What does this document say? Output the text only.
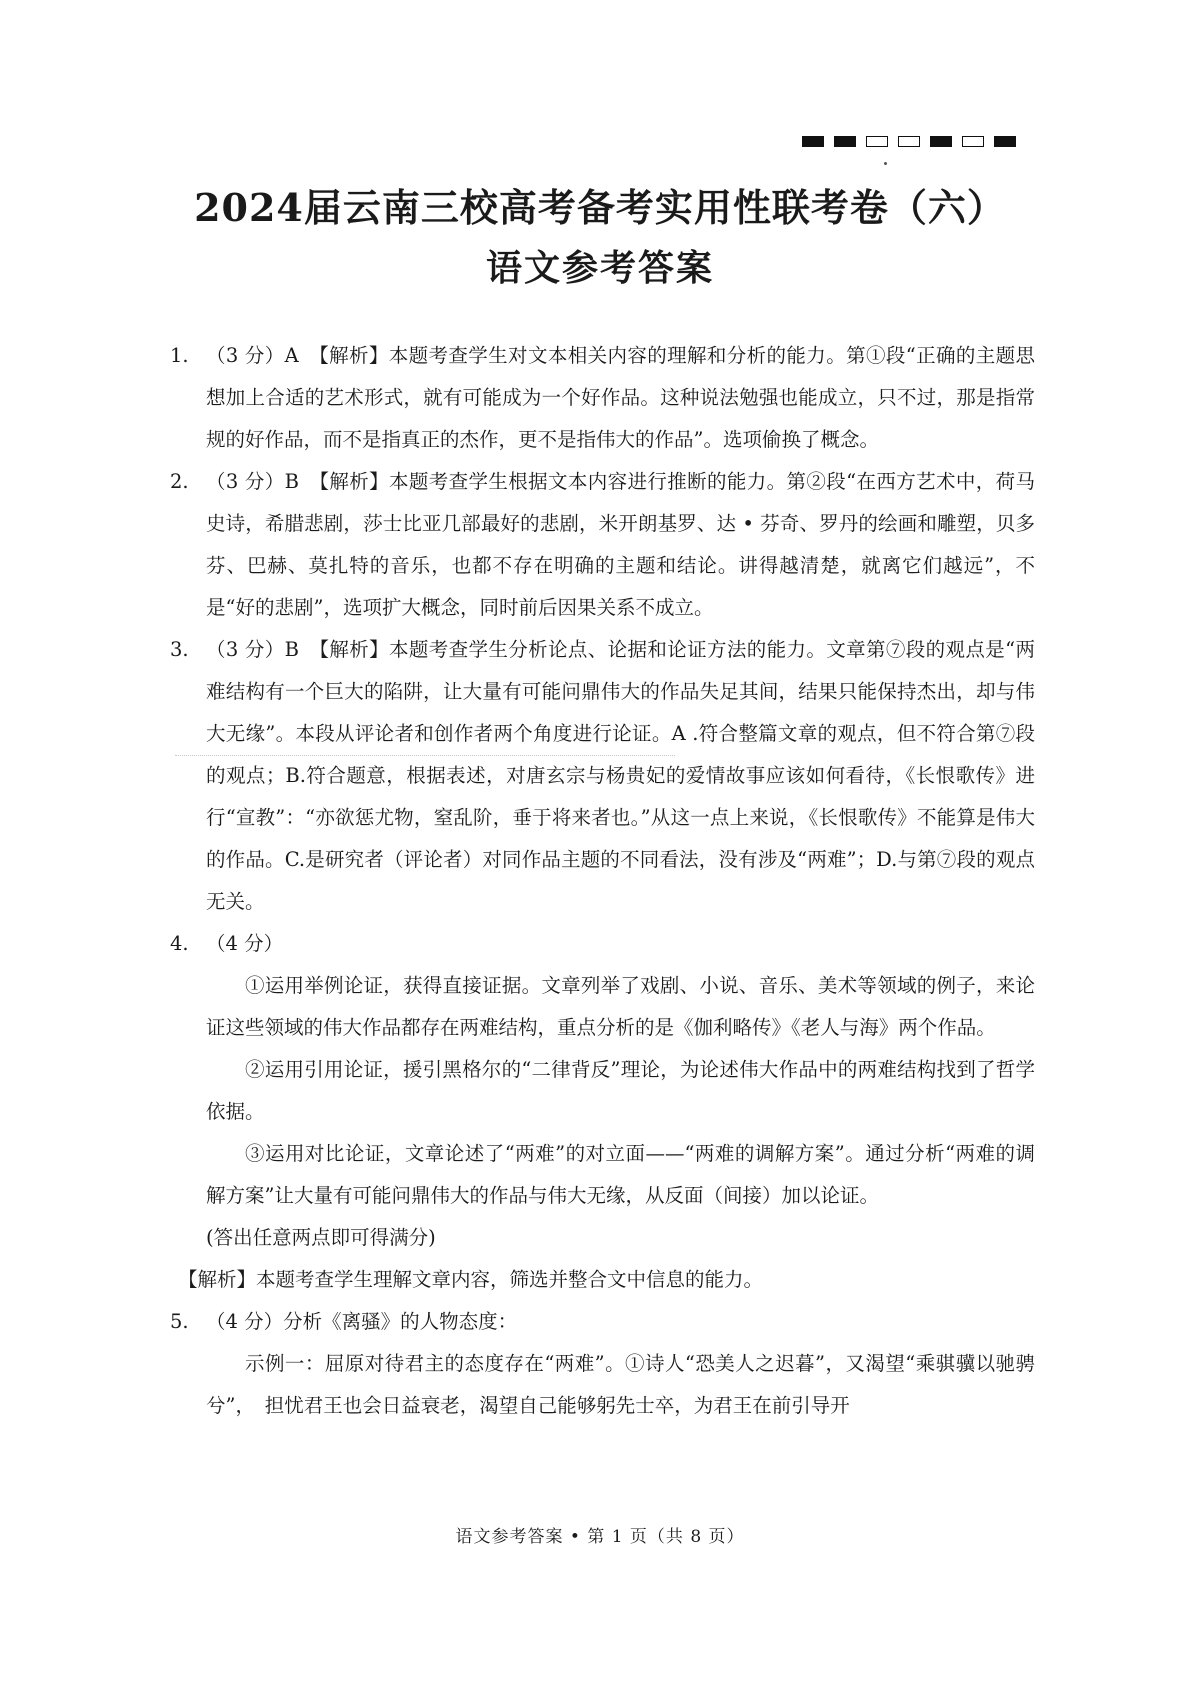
2024届云南三校高考备考实用性联考卷（六）
语文参考答案
1. （3 分）A　【解析】本题考查学生对文本相关内容的理解和分析的能力。第①段“正确的主题思想加上合适的艺术形式，就有可能成为一个好作品。这种说法勉强也能成立，只不过，那是指常规的好作品，而不是指真正的杰作，更不是指伟大的作品”。选项偷换了概念。
2. （3 分）B　【解析】本题考查学生根据文本内容进行推断的能力。第②段“在西方艺术中，荷马史诗，希腊悲剧，莎士比亚几部最好的悲剧，米开朗基罗、达 • 芬奇、罗丹的绘画和雕塑，贝多芬、巴赫、莫扎特的音乐，也都不存在明确的主题和结论。讲得越清楚，就离它们越远”，不是“好的悲剧”，选项扩大概念，同时前后因果关系不成立。
3. （3 分）B　【解析】本题考查学生分析论点、论据和论证方法的能力。文章第⑦段的观点是“两难结构有一个巨大的陷阱，让大量有可能问鼎伟大的作品失足其间，结果只能保持杰出，却与伟大无缘”。本段从评论者和创作者两个角度进行论证。A .符合整篇文章的观点，但不符合第⑦段的观点；B.符合题意，根据表述，对唐玄宗与杨贵妃的爱情故事应该如何看待，《长恨歌传》进行“宣教”：“亦欲惩尤物，窒乱阶，垂于将来者也。”从这一点上来说，《长恨歌传》不能算是伟大的作品。C.是研究者（评论者）对同作品主题的不同看法，没有涉及“两难”；D.与第⑦段的观点无关。
4. （4 分）
①运用举例论证，获得直接证据。文章列举了戏剧、小说、音乐、美术等领域的例子，来论证这些领域的伟大作品都存在两难结构，重点分析的是《伽利略传》《老人与海》两个作品。
②运用引用论证，援引黑格尔的“二律背反”理论，为论述伟大作品中的两难结构找到了哲学依据。
③运用对比论证，文章论述了“两难”的对立面——“两难的调解方案”。通过分析“两难的调解方案”让大量有可能问鼎伟大的作品与伟大无缘，从反面（间接）加以论证。
(答出任意两点即可得满分)
【解析】本题考查学生理解文章内容，筛选并整合文中信息的能力。
5. （4 分）分析《离骚》的人物态度：
示例一：屈原对待君主的态度存在“两难”。①诗人“恐美人之迟暮”，又渴望“乘骐骥以驰骋兮”，　担忧君王也会日益衰老，渴望自己能够躬先士卒，为君王在前引导开
语文参考答案 • 第 1 页（共 8 页）
